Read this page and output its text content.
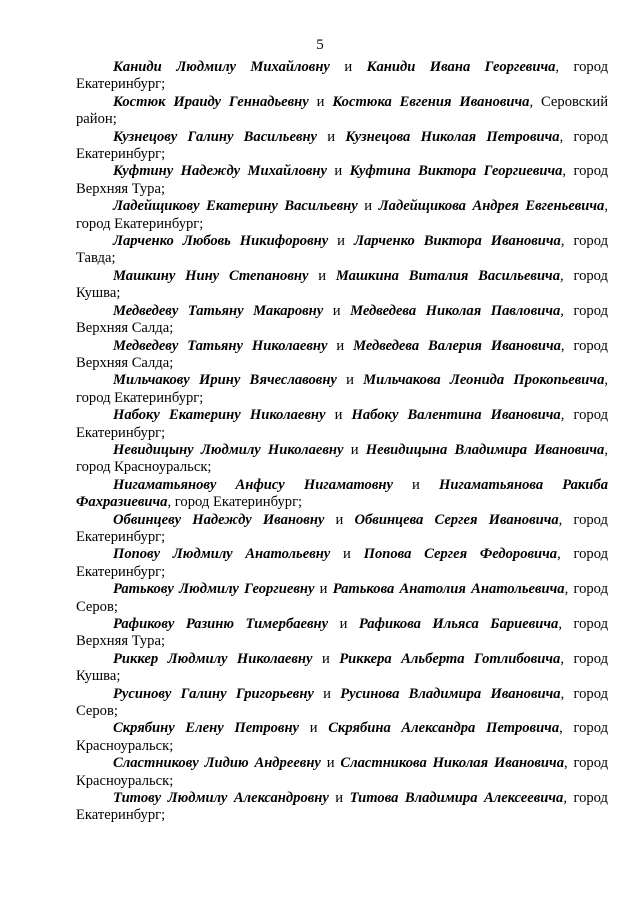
5

Каниди Людмилу Михайловну и Каниди Ивана Георгевича, город Екатеринбург;

Костюк Ираиду Геннадьевну и Костюка Евгения Ивановича, Серовский район;

Кузнецову Галину Васильевну и Кузнецова Николая Петровича, город Екатеринбург;

Куфтину Надежду Михайловну и Куфтина Виктора Георгиевича, город Верхняя Тура;

Ладейщикову Екатерину Васильевну и Ладейщикова Андрея Евгеньевича, город Екатеринбург;

Ларченко Любовь Никифоровну и Ларченко Виктора Ивановича, город Тавда;

Машкину Нину Степановну и Машкина Виталия Васильевича, город Кушва;

Медведеву Татьяну Макаровну и Медведева Николая Павловича, город Верхняя Салда;

Медведеву Татьяну Николаевну и Медведева Валерия Ивановича, город Верхняя Салда;

Мильчакову Ирину Вячеславовну и Мильчакова Леонида Прокопьевича, город Екатеринбург;

Набоку Екатерину Николаевну и Набоку Валентина Ивановича, город Екатеринбург;

Невидицыну Людмилу Николаевну и Невидицына Владимира Ивановича, город Красноуральск;

Нигаматьянову Анфису Нигаматовну и Нигаматьянова Ракиба Фахразиевича, город Екатеринбург;

Обвинцеву Надежду Ивановну и Обвинцева Сергея Ивановича, город Екатеринбург;

Попову Людмилу Анатольевну и Попова Сергея Федоровича, город Екатеринбург;

Ратькову Людмилу Георгиевну и Ратькова Анатолия Анатольевича, город Серов;

Рафикову Разиню Тимербаевну и Рафикова Ильяса Бариевича, город Верхняя Тура;

Риккер Людмилу Николаевну и Риккера Альберта Готлибовича, город Кушва;

Русинову Галину Григорьевну и Русинова Владимира Ивановича, город Серов;

Скрябину Елену Петровну и Скрябина Александра Петровича, город Красноуральск;

Сластникову Лидию Андреевну и Сластникова Николая Ивановича, город Красноуральск;

Титову Людмилу Александровну и Титова Владимира Алексеевича, город Екатеринбург;
